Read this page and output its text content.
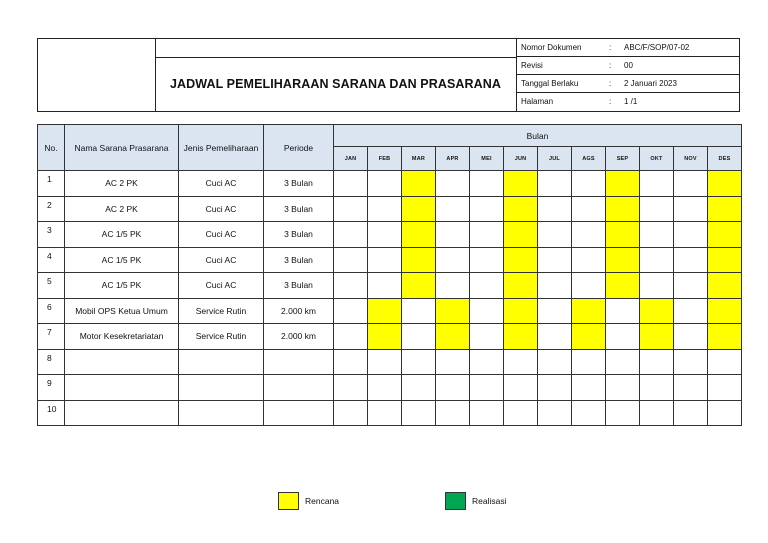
JADWAL PEMELIHARAAN SARANA DAN PRASARANA
Nomor Dokumen	: ABC/F/SOP/07-02
Revisi	: 00
Tanggal Berlaku	: 2 Januari 2023
Halaman	: 1 /1
No.	Nama Sarana Prasarana	Jenis Pemeliharaan	Periode	Bulan											
				JAN	FEB	MAR	APR	MEI	JUN	JUL	AGS	SEP	OKT	NOV	DES
1	AC 2 PK	Cuci AC	3 Bulan												
2	AC 2 PK	Cuci AC	3 Bulan												
3	AC 1/5 PK	Cuci AC	3 Bulan												
4	AC 1/5 PK	Cuci AC	3 Bulan												
5	AC 1/5 PK	Cuci AC	3 Bulan												
6	Mobil OPS Ketua Umum	Service Rutin	2.000 km												
7	Motor Kesekretariatan	Service Rutin	2.000 km												
8															
9															
10															
Rencana	Realisasi
